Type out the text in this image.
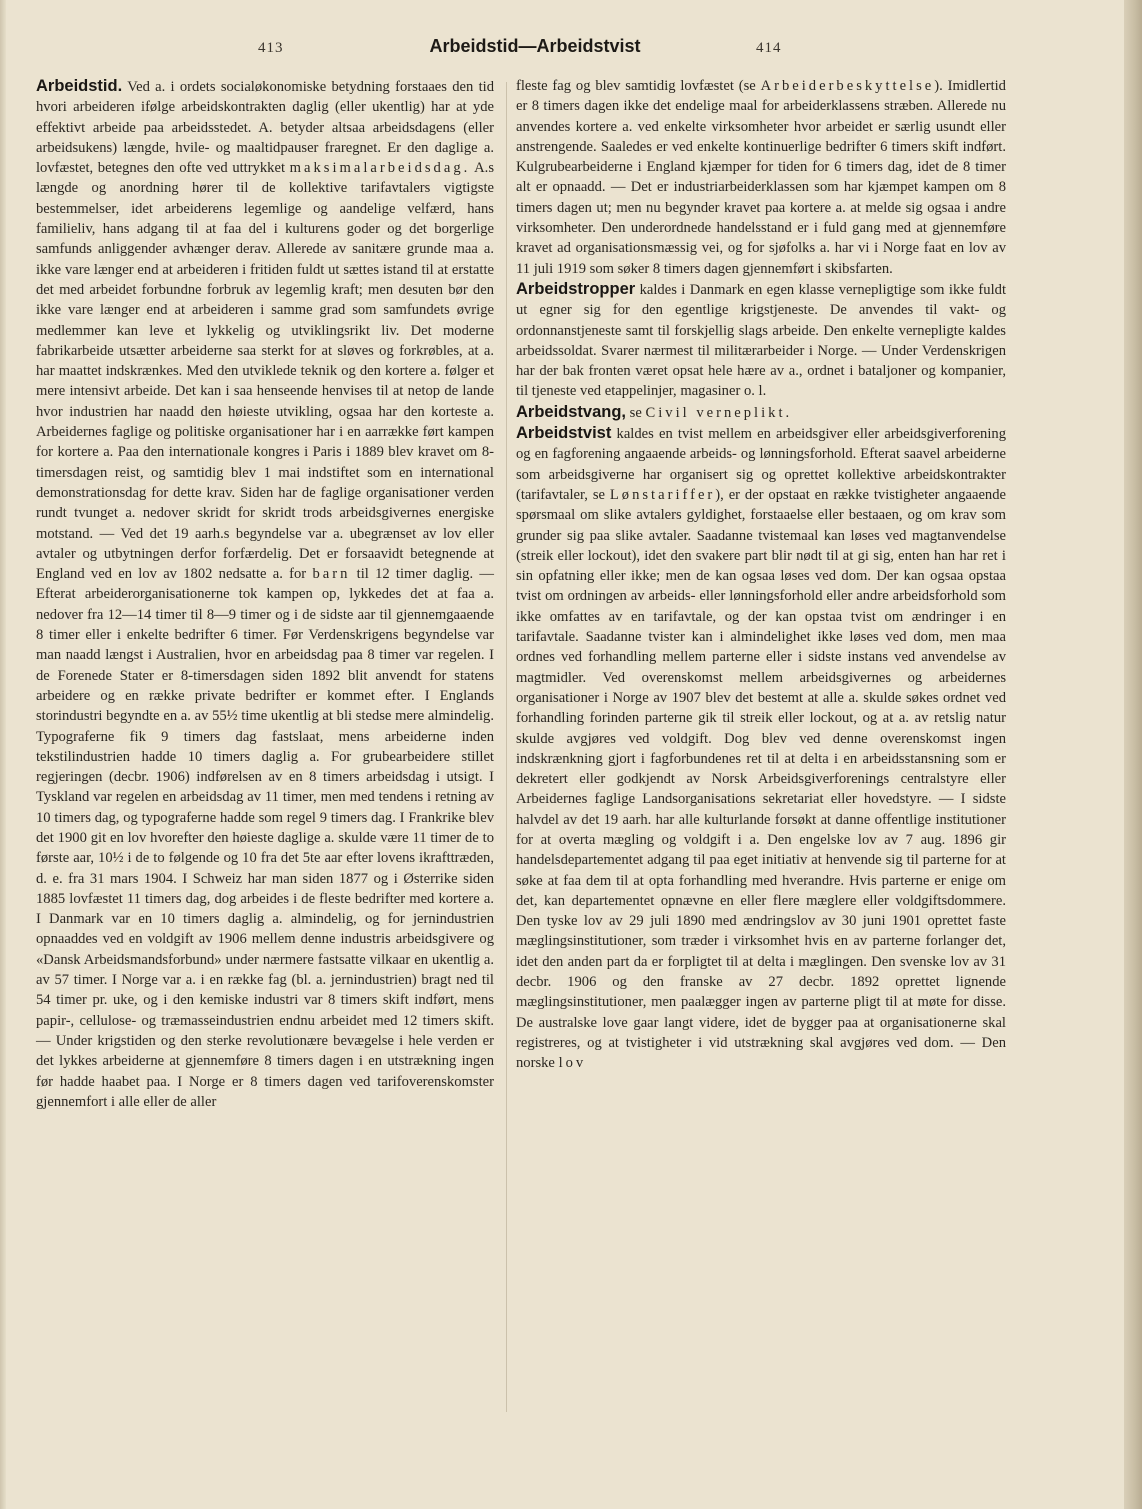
413	Arbeidstid—Arbeidstvist	414

Arbeidstid. Ved a. i ordets socialøkonomiske betydning forstaaes den tid hvori arbeideren ifølge arbeidskontrakten daglig (eller ukentlig) har at yde effektivt arbeide paa arbeidsstedet. A. betyder altsaa arbeidsdagens (eller arbeidsukens) længde, hvile- og maaltidpauser fraregnet. Er den daglige a. lovfæstet, betegnes den ofte ved uttrykket maksimalarbeidsdag. A.s længde og anordning hører til de kollektive tarifavtalers vigtigste bestemmelser, idet arbeiderens legemlige og aandelige velfærd, hans familieliv, hans adgang til at faa del i kulturens goder og det borgerlige samfunds anliggender avhænger derav. Allerede av sanitære grunde maa a. ikke vare længer end at arbeideren i fritiden fuldt ut sættes istand til at erstatte det med arbeidet forbundne forbruk av legemlig kraft; men desuten bør den ikke vare længer end at arbeideren i samme grad som samfundets øvrige medlemmer kan leve et lykkelig og utviklingsrikt liv. Det moderne fabrikarbeide utsætter arbeiderne saa sterkt for at sløves og forkrøbles, at a. har maattet indskrænkes. Med den utviklede teknik og den kortere a. følger et mere intensivt arbeide. Det kan i saa henseende henvises til at netop de lande hvor industrien har naadd den høieste utvikling, ogsaa har den korteste a. Arbeidernes faglige og politiske organisationer har i en aarrække ført kampen for kortere a. Paa den internationale kongres i Paris i 1889 blev kravet om 8-timersdagen reist, og samtidig blev 1 mai indstiftet som en international demonstrationsdag for dette krav. Siden har de faglige organisationer verden rundt tvunget a. nedover skridt for skridt trods arbeidsgivernes energiske motstand. — Ved det 19 aarh.s begyndelse var a. ubegrænset av lov eller avtaler og utbytningen derfor forfærdelig. Det er forsaavidt betegnende at England ved en lov av 1802 nedsatte a. for barn til 12 timer daglig. — Efterat arbeiderorganisationerne tok kampen op, lykkedes det at faa a. nedover fra 12—14 timer til 8—9 timer og i de sidste aar til gjennemgaaende 8 timer eller i enkelte bedrifter 6 timer. Før Verdenskrigens begyndelse var man naadd længst i Australien, hvor en arbeidsdag paa 8 timer var regelen. I de Forenede Stater er 8-timersdagen siden 1892 blit anvendt for statens arbeidere og en række private bedrifter er kommet efter. I Englands storindustri begyndte en a. av 55½ time ukentlig at bli stedse mere almindelig. Typograferne fik 9 timers dag fastslaat, mens arbeiderne inden tekstilindustrien hadde 10 timers daglig a. For grubearbeidere stillet regjeringen (decbr. 1906) indførelsen av en 8 timers arbeidsdag i utsigt. I Tyskland var regelen en arbeidsdag av 11 timer, men med tendens i retning av 10 timers dag, og typograferne hadde som regel 9 timers dag. I Frankrike blev det 1900 git en lov hvorefter den høieste daglige a. skulde være 11 timer de to første aar, 10½ i de to følgende og 10 fra det 5te aar efter lovens ikrafttræden, d. e. fra 31 mars 1904. I Schweiz har man siden 1877 og i Østerrike siden 1885 lovfæstet 11 timers dag, dog arbeides i de fleste bedrifter med kortere a. I Danmark var en 10 timers daglig a. almindelig, og for jernindustrien opnaaddes ved en voldgift av 1906 mellem denne industris arbeidsgivere og «Dansk Arbeidsmandsforbund» under nærmere fastsatte vilkaar en ukentlig a. av 57 timer. I Norge var a. i en række fag (bl. a. jernindustrien) bragt ned til 54 timer pr. uke, og i den kemiske industri var 8 timers skift indført, mens papir-, cellulose- og træmasseindustrien endnu arbeidet med 12 timers skift. — Under krigstiden og den sterke revolutionære bevægelse i hele verden er det lykkes arbeiderne at gjennemføre 8 timers dagen i en utstrækning ingen før hadde haabet paa. I Norge er 8 timers dagen ved tarifoverenskomster gjennemfort i alle eller de aller

fleste fag og blev samtidig lovfæstet (se Arbeiderbeskyttelse). Imidlertid er 8 timers dagen ikke det endelige maal for arbeiderklassens stræben. Allerede nu anvendes kortere a. ved enkelte virksomheter hvor arbeidet er særlig usundt eller anstrengende. Saaledes er ved enkelte kontinuerlige bedrifter 6 timers skift indført. Kulgrubearbeiderne i England kjæmper for tiden for 6 timers dag, idet de 8 timer alt er opnaadd. — Det er industriarbeiderklassen som har kjæmpet kampen om 8 timers dagen ut; men nu begynder kravet paa kortere a. at melde sig ogsaa i andre virksomheter. Den underordnede handelsstand er i fuld gang med at gjennemføre kravet ad organisationsmæssig vei, og for sjøfolks a. har vi i Norge faat en lov av 11 juli 1919 som søker 8 timers dagen gjennemført i skibsfarten.

Arbeidstropper kaldes i Danmark en egen klasse vernepligtige som ikke fuldt ut egner sig for den egentlige krigstjeneste. De anvendes til vakt- og ordonnanstjeneste samt til forskjellig slags arbeide. Den enkelte vernepligte kaldes arbeidssoldat. Svarer nærmest til militærarbeider i Norge. — Under Verdenskrigen har der bak fronten været opsat hele hære av a., ordnet i bataljoner og kompanier, til tjeneste ved etappelinjer, magasiner o. l.

Arbeidstvang, se Civil verneplikt.

Arbeidstvist kaldes en tvist mellem en arbeidsgiver eller arbeidsgiverforening og en fagforening angaaende arbeids- og lønningsforhold. Efterat saavel arbeiderne som arbeidsgiverne har organisert sig og oprettet kollektive arbeidskontrakter (tarifavtaler, se Lønstariffer), er der opstaat en række tvistigheter angaaende spørsmaal om slike avtalers gyldighet, forstaaelse eller bestaaen, og om krav som grunder sig paa slike avtaler. Saadanne tvistemaal kan løses ved magtanvendelse (streik eller lockout), idet den svakere part blir nødt til at gi sig, enten han har ret i sin opfatning eller ikke; men de kan ogsaa løses ved dom. Der kan ogsaa opstaa tvist om ordningen av arbeids- eller lønningsforhold eller andre arbeidsforhold som ikke omfattes av en tarifavtale, og der kan opstaa tvist om ændringer i en tarifavtale. Saadanne tvister kan i almindelighet ikke løses ved dom, men maa ordnes ved forhandling mellem parterne eller i sidste instans ved anvendelse av magtmidler. Ved overenskomst mellem arbeidsgivernes og arbeidernes organisationer i Norge av 1907 blev det bestemt at alle a. skulde søkes ordnet ved forhandling forinden parterne gik til streik eller lockout, og at a. av retslig natur skulde avgjøres ved voldgift. Dog blev ved denne overenskomst ingen indskrænkning gjort i fagforbundenes ret til at delta i en arbeidsstansning som er dekretert eller godkjendt av Norsk Arbeidsgiverforenings centralstyre eller Arbeidernes faglige Landsorganisations sekretariat eller hovedstyre. — I sidste halvdel av det 19 aarh. har alle kulturlande forsøkt at danne offentlige institutioner for at overta mægling og voldgift i a. Den engelske lov av 7 aug. 1896 gir handelsdepartementet adgang til paa eget initiativ at henvende sig til parterne for at søke at faa dem til at opta forhandling med hverandre. Hvis parterne er enige om det, kan departementet opnævne en eller flere mæglere eller voldgiftsdommere. Den tyske lov av 29 juli 1890 med ændringslov av 30 juni 1901 oprettet faste mæglingsinstitutioner, som træder i virksomhet hvis en av parterne forlanger det, idet den anden part da er forpligtet til at delta i mæglingen. Den svenske lov av 31 decbr. 1906 og den franske av 27 decbr. 1892 oprettet lignende mæglingsinstitutioner, men paalægger ingen av parterne pligt til at møte for disse. De australske love gaar langt videre, idet de bygger paa at organisationerne skal registreres, og at tvistigheter i vid utstrækning skal avgjøres ved dom. — Den norske lov
